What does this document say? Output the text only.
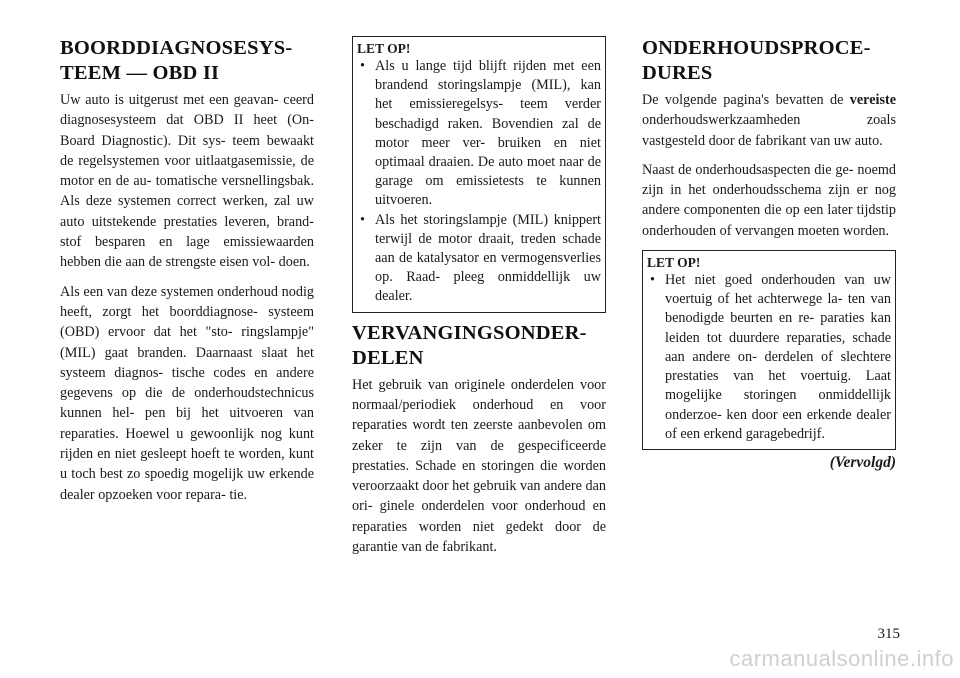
BOORDDIAGNOSESYS-
TEEM — OBD II

Uw auto is uitgerust met een geavan- ceerd diagnosesysteem dat OBD II heet (On-Board Diagnostic). Dit sys- teem bewaakt de regelsystemen voor uitlaatgasemissie, de motor en de au- tomatische versnellingsbak. Als deze systemen correct werken, zal uw auto uitstekende prestaties leveren, brand- stof besparen en lage emissiewaarden hebben die aan de strengste eisen vol- doen.

Als een van deze systemen onderhoud nodig heeft, zorgt het boorddiagnose- systeem (OBD) ervoor dat het "sto- ringslampje" (MIL) gaat branden. Daarnaast slaat het systeem diagnos- tische codes en andere gegevens op die de onderhoudstechnicus kunnen hel- pen bij het uitvoeren van reparaties. Hoewel u gewoonlijk nog kunt rijden en niet gesleept hoeft te worden, kunt u toch best zo spoedig mogelijk uw erkende dealer opzoeken voor repara- tie.

LET OP!
• Als u lange tijd blijft rijden met een brandend storingslampje (MIL), kan het emissieregelsys- teem verder beschadigd raken. Bovendien zal de motor meer ver- bruiken en niet optimaal draaien. De auto moet naar de garage om emissietests te kunnen uitvoeren.
• Als het storingslampje (MIL) knippert terwijl de motor draait, treden schade aan de katalysator en vermogensverlies op. Raad- pleeg onmiddellijk uw dealer.
VERVANGINGSONDER-
DELEN

Het gebruik van originele onderdelen voor normaal/periodiek onderhoud en voor reparaties wordt ten zeerste aanbevolen om zeker te zijn van de gespecificeerde prestaties. Schade en storingen die worden veroorzaakt door het gebruik van andere dan ori- ginele onderdelen voor onderhoud en reparaties worden niet gedekt door de garantie van de fabrikant.

ONDERHOUDSPROCE-
DURES

De volgende pagina's bevatten de vereiste onderhoudswerkzaamheden zoals vastgesteld door de fabrikant van uw auto.

Naast de onderhoudsaspecten die ge- noemd zijn in het onderhoudsschema zijn er nog andere componenten die op een later tijdstip onderhouden of vervangen moeten worden.

LET OP!
• Het niet goed onderhouden van uw voertuig of het achterwege la- ten van benodigde beurten en re- paraties kan leiden tot duurdere reparaties, schade aan andere on- derdelen of slechtere prestaties van het voertuig. Laat mogelijke storingen onmiddellijk onderzoe- ken door een erkende dealer of een erkend garagebedrijf.
(Vervolgd)
315
carmanualsonline.info
